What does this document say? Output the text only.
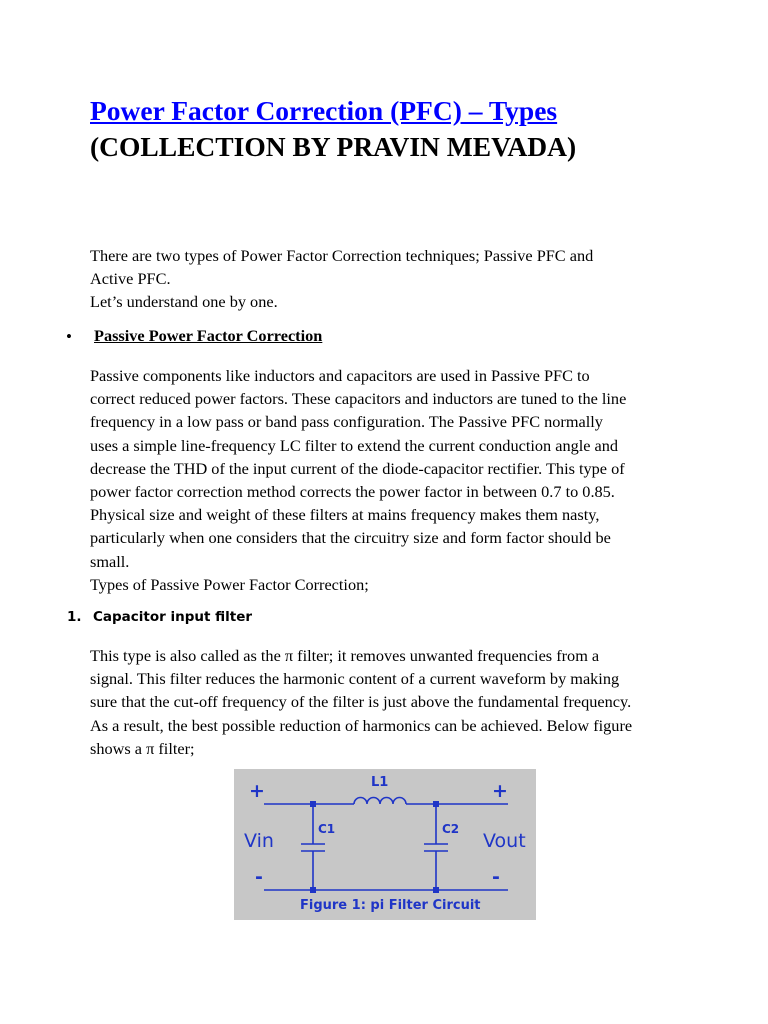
Power Factor Correction (PFC) – Types
(COLLECTION BY PRAVIN MEVADA)
There are two types of Power Factor Correction techniques; Passive PFC and
Active PFC.
Let’s understand one by one.
• Passive Power Factor Correction
Passive components like inductors and capacitors are used in Passive PFC to
correct reduced power factors. These capacitors and inductors are tuned to the line
frequency in a low pass or band pass configuration. The Passive PFC normally
uses a simple line-frequency LC filter to extend the current conduction angle and
decrease the THD of the input current of the diode-capacitor rectifier. This type of
power factor correction method corrects the power factor in between 0.7 to 0.85.
Physical size and weight of these filters at mains frequency makes them nasty,
particularly when one considers that the circuitry size and form factor should be
small.
Types of Passive Power Factor Correction;
1. Capacitor input filter
This type is also called as the π filter; it removes unwanted frequencies from a
signal. This filter reduces the harmonic content of a current waveform by making
sure that the cut-off frequency of the filter is just above the fundamental frequency.
As a result, the best possible reduction of harmonics can be achieved. Below figure
shows a π filter;
+	+
-	-
L1
C1	C2
Vin	Vout
Figure 1: pi Filter Circuit
